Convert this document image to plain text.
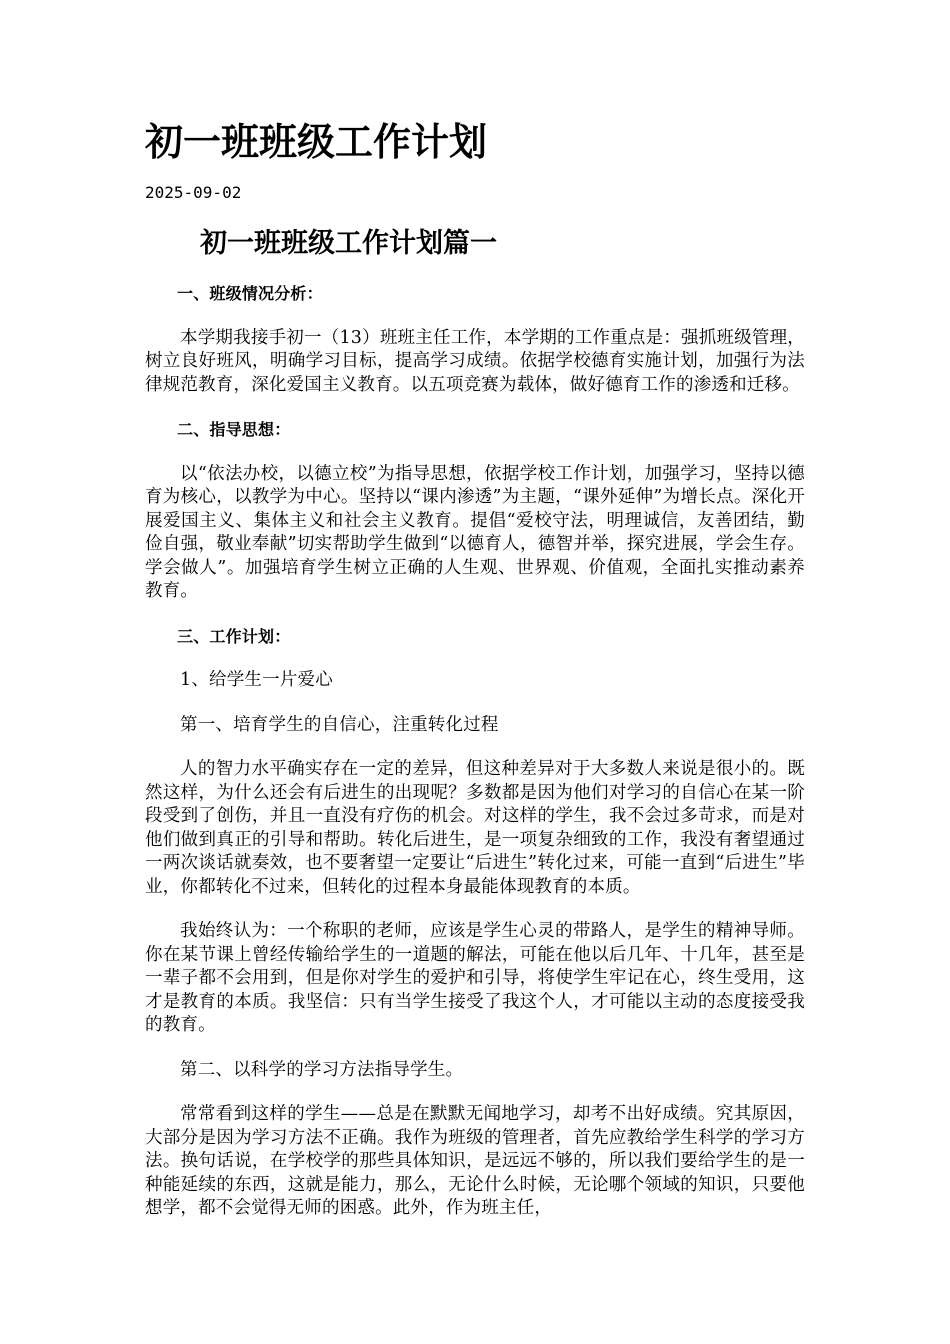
初一班班级工作计划
2025-09-02
初一班班级工作计划篇一

一、班级情况分析：

本学期我接手初一（13）班班主任工作，本学期的工作重点是：强抓班级管理，树立良好班风，明确学习目标，提高学习成绩。依据学校德育实施计划，加强行为法律规范教育，深化爱国主义教育。以五项竞赛为载体，做好德育工作的渗透和迁移。

二、指导思想：

以“依法办校，以德立校”为指导思想，依据学校工作计划，加强学习，坚持以德育为核心，以教学为中心。坚持以“课内渗透”为主题，“课外延伸”为增长点。深化开展爱国主义、集体主义和社会主义教育。提倡“爱校守法，明理诚信，友善团结，勤俭自强，敬业奉献”切实帮助学生做到“以德育人，德智并举，探究进展，学会生存。学会做人”。加强培育学生树立正确的人生观、世界观、价值观，全面扎实推动素养教育。

三、工作计划：

1、给学生一片爱心

第一、培育学生的自信心，注重转化过程

人的智力水平确实存在一定的差异，但这种差异对于大多数人来说是很小的。既然这样，为什么还会有后进生的出现呢？多数都是因为他们对学习的自信心在某一阶段受到了创伤，并且一直没有疗伤的机会。对这样的学生，我不会过多苛求，而是对他们做到真正的引导和帮助。转化后进生，是一项复杂细致的工作，我没有奢望通过一两次谈话就奏效，也不要奢望一定要让“后进生”转化过来，可能一直到“后进生”毕业，你都转化不过来，但转化的过程本身最能体现教育的本质。

我始终认为：一个称职的老师，应该是学生心灵的带路人，是学生的精神导师。你在某节课上曾经传输给学生的一道题的解法，可能在他以后几年、十几年，甚至是一辈子都不会用到，但是你对学生的爱护和引导，将使学生牢记在心，终生受用，这才是教育的本质。我坚信：只有当学生接受了我这个人，才可能以主动的态度接受我的教育。

第二、以科学的学习方法指导学生。

常常看到这样的学生——总是在默默无闻地学习，却考不出好成绩。究其原因，大部分是因为学习方法不正确。我作为班级的管理者，首先应教给学生科学的学习方法。换句话说，在学校学的那些具体知识，是远远不够的，所以我们要给学生的是一种能延续的东西，这就是能力，那么，无论什么时候，无论哪个领域的知识，只要他想学，都不会觉得无师的困惑。此外，作为班主任，
